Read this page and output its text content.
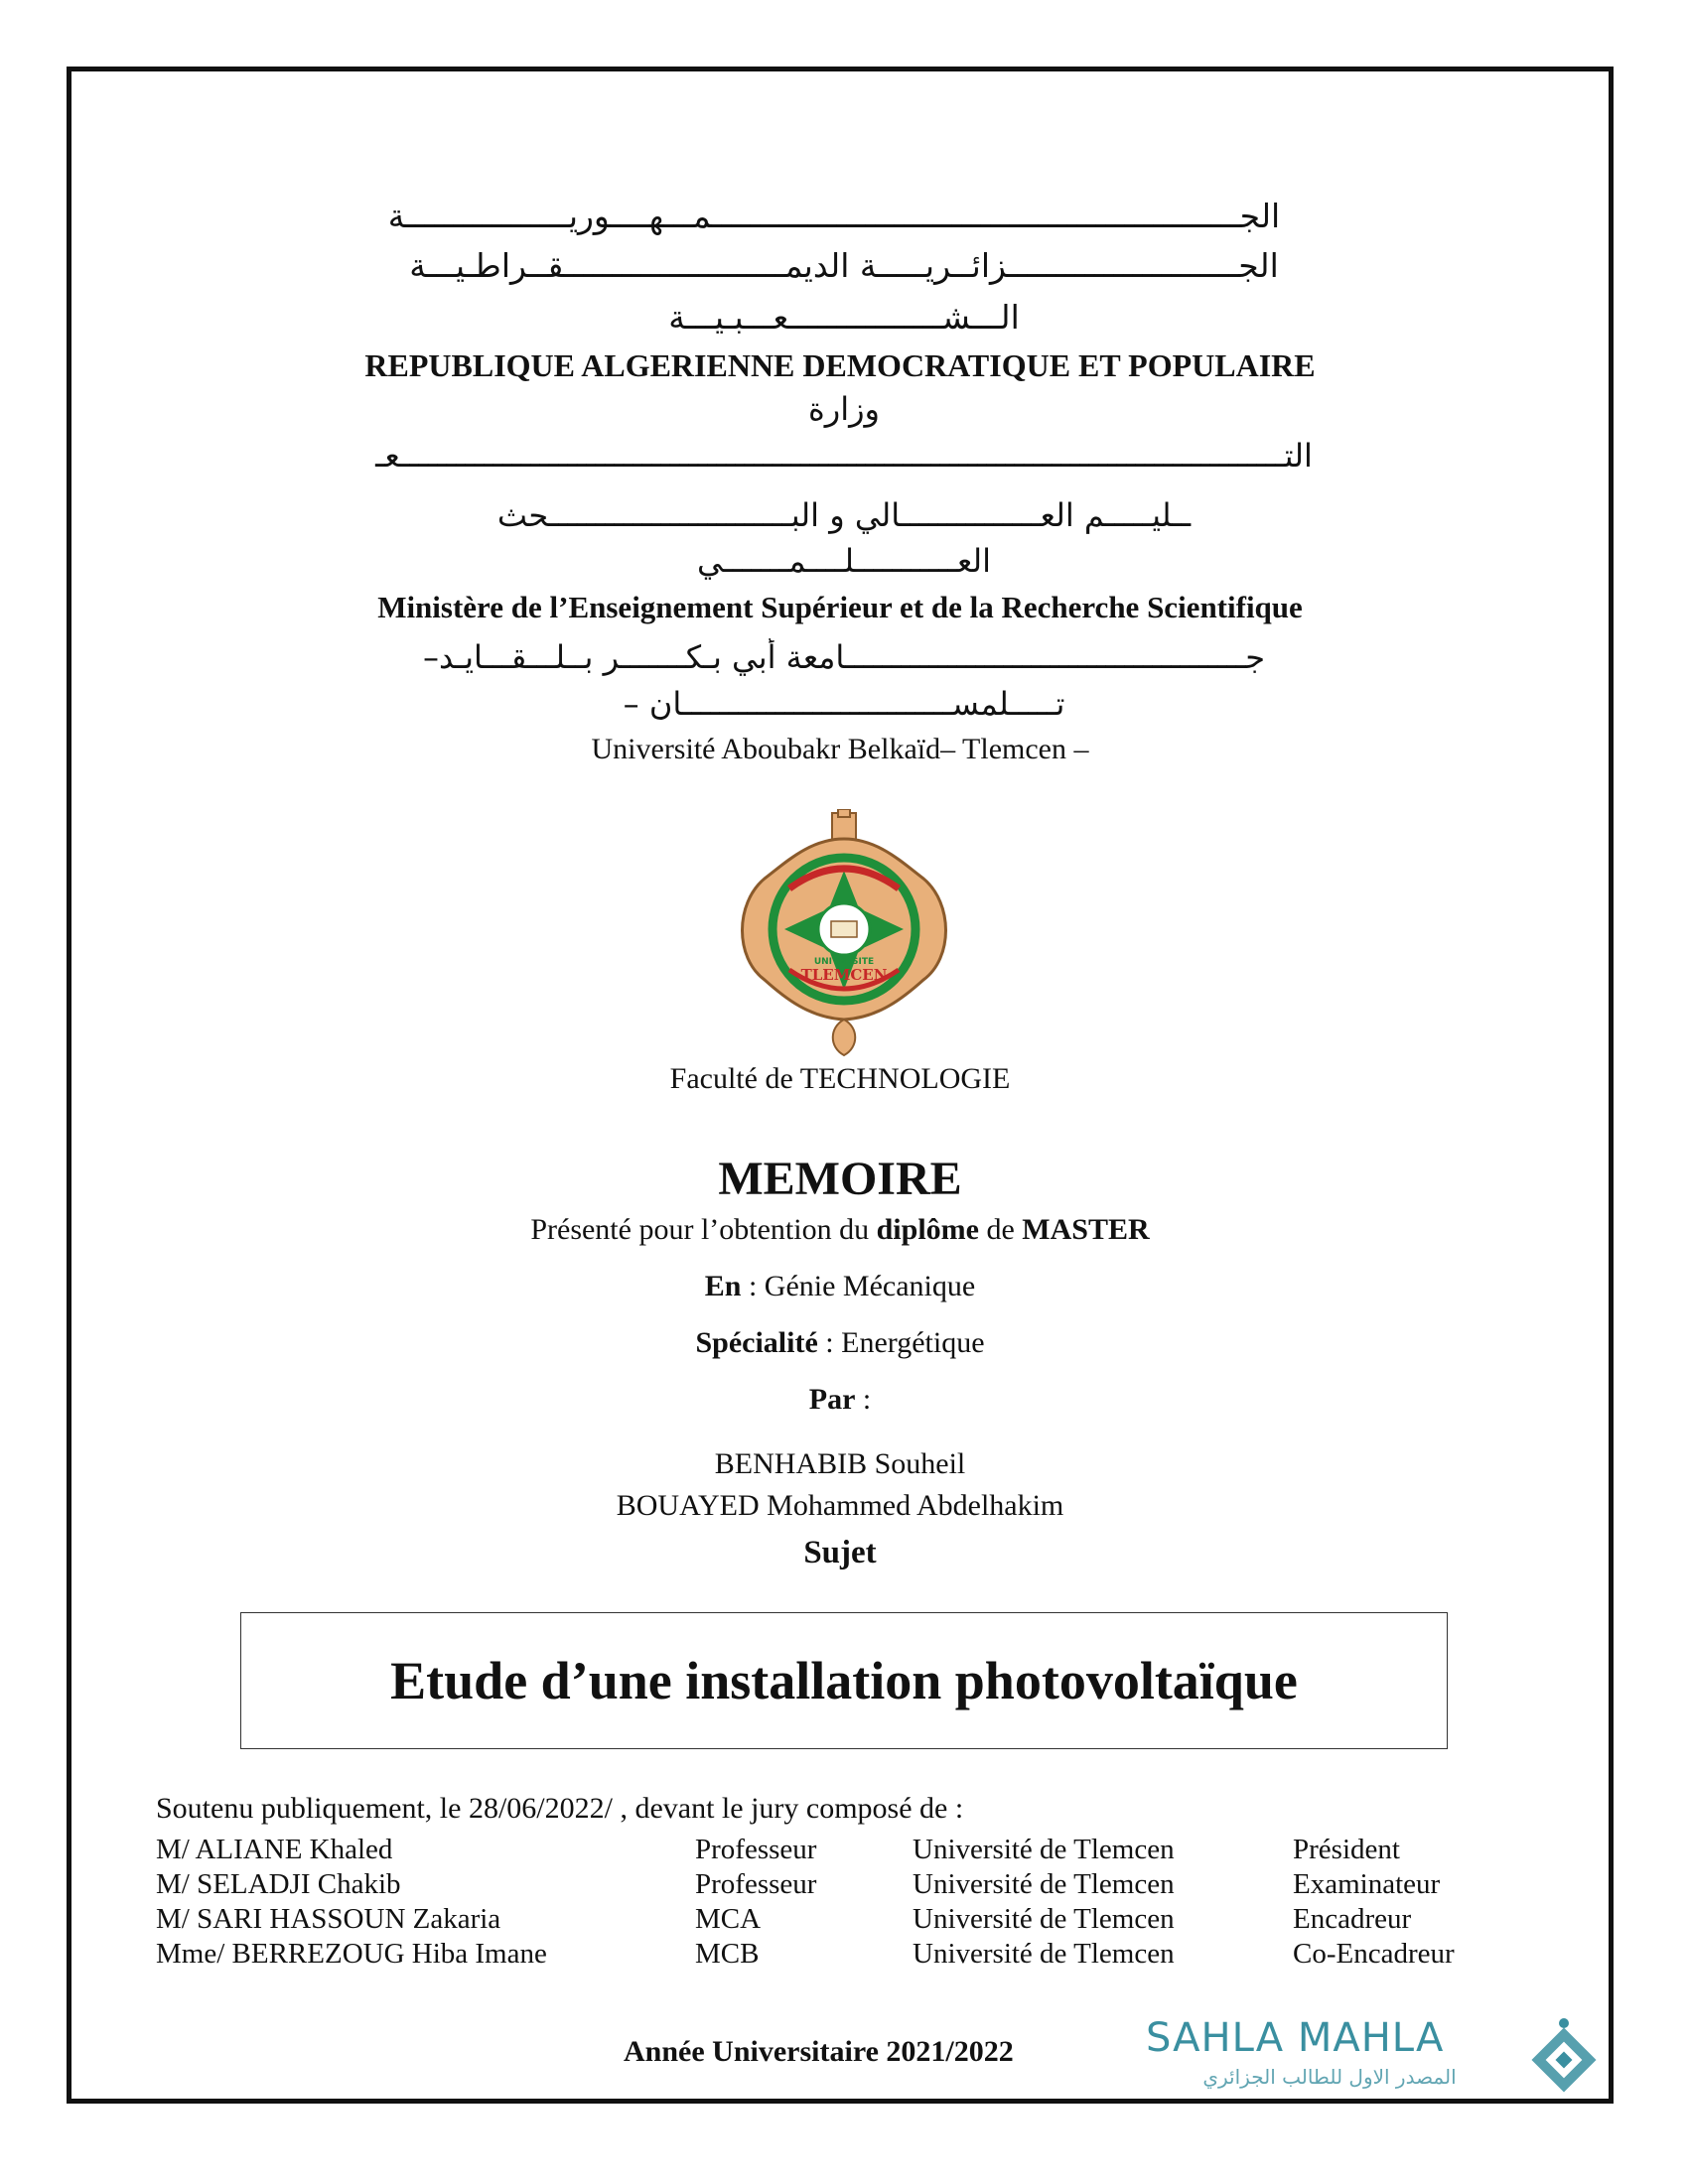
الجـــــــــــــــــــــــــــــــــــــــــــــــــــــــمـــهــــوريـــــــــــــــــة
الجــــــــــــــــــــــــزائــريـــــة الديمـــــــــــــــــــــــقــراطـيـــة
الـــشــــــــــــــــعـــبـيـــة
REPUBLIQUE ALGERIENNE DEMOCRATIQUE ET POPULAIRE
وزارة
التـــــــــــــــــــــــــــــــــــــــــــــــــــــــــــــــــــــــــــــــــــــــــــــــعـ
ــليـــــم العـــــــــــــــالي و البــــــــــــــــــــــــــحث
العـــــــــــلــــمـــــــي
Ministère de l’Enseignement Supérieur et de la Recherche Scientifique
جـــــــــــــــــــــــــــــــــــــــــــامعة أبي بـكـــــــر بــلـــقـــايـد–
تـــــلمســـــــــــــــــــــــــــــان –
Université Aboubakr Belkaïd– Tlemcen –
UNIVERSITE
TLEMCEN
Faculté de TECHNOLOGIE
MEMOIRE
Présenté pour l’obtention du diplôme de MASTER
En : Génie Mécanique
Spécialité : Energétique
Par :
BENHABIB Souheil
BOUAYED Mohammed Abdelhakim
Sujet
Etude d’une installation photovoltaïque
Soutenu publiquement, le 28/06/2022/ , devant le jury composé de :
M/ ALIANE Khaled	Professeur	Université de Tlemcen	Président
M/ SELADJI Chakib	Professeur	Université de Tlemcen	Examinateur
M/ SARI HASSOUN Zakaria	MCA	Université de Tlemcen	Encadreur
Mme/ BERREZOUG Hiba Imane	MCB	Université de Tlemcen	Co-Encadreur
Année Universitaire 2021/2022	SAHLA MAHLA
المصدر الاول للطالب الجزائري
